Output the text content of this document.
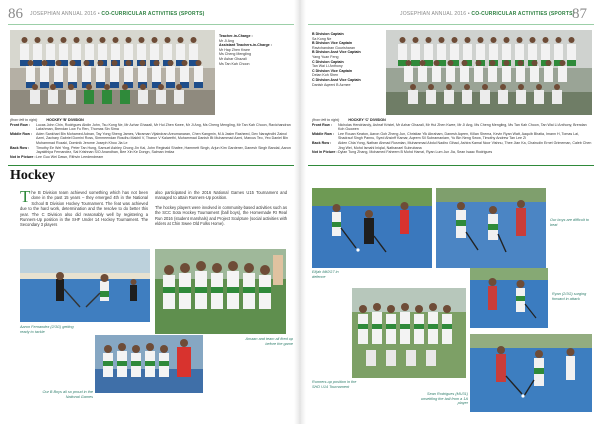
86 JOSEPHIAN ANNUAL 2016 • CO-CURRICULAR ACTIVITIES (SPORTS)
Teacher-in-Charge :
Mr Ji Ang
Assistant Teachers-in-Charge :
Mr Hap Zhen Kwee
Ms Cheng Mengling
Mr Ashar Ghazali
Ms Tan Kah Choon
(from left to right)	HOCKEY 'B' DIVISION
Front Row :	Lucas John Chin, Rodrigues Abdin John, Tsu Kong Ne, Mr Azhar Ghazali, Mr Hui Zhen Kwee, Mr Ji Ang, Ms Cheng Mengling, Mr Tan Kah Choon, Ravichandran Lakshman, Brendan Low Fu Ren, Thomas Sin Sima
Middle Row :	Aden Sankhari Bin Mohamed Adnan, Tay Yong Sheng James, Vikraman Vijaindran Areumanaran, Chen Kangmin, M A Jasim Rasheed, Dev Narayindhi Zainol Azmi, Zachary Gabriel Domini Ross, Simmeendan Rosdhu Makhil V, Tharun V Kalarethi, Muhammad Danish Bt Muhammad Azmi, Marcus Teo, Yeo Daniel Bin Muhammad Rozaki, Dominik Jerome Joseph Khoo Jia Le
Back Row :	Timothy Ee Wei Ying, Peter Tan Hung, Samuel Ashley Chong Jin Kai, John Reginald Shafee, Hammett Singh, Arjun Kim Gardener, Danesh Singh Bandal, Aaron Jayakthiya Fernandez, Sai Krishnan S/O Anandhan, Bee Xin Ke Dongn, Salman Imtiaz
Not in Picture : Lee Guo Wei Dawn, Rithvin Leedendream
Hockey
The B Division team achieved something which has not been done in the past 15 years – they emerged 4th in the National School B Division Hockey Tournament. The feat was achieved due to the hard work, determination and the resolve to do better this year. The C Division also did reasonably well by registering a Runners-Up position in the SHF Under 14 Hockey Tournament. The Secondary 3 players

also participated in the 2016 National Games U15 Tournament and managed to attain Runners-Up position.

The hockey players were involved in community-based activities such as the SCC Sota Hockey Tournament (ball boys), the Homemade RI Real Run 2016 (student marshals) and Project Sculpture (social activities with elders at Chin Swee Old Folks Home).

Aaron Fernandez (2/3G) getting ready to tackle
Amaan and team all fired up before the game
Our B Boys all so proud in the National Games
JOSEPHIAN ANNUAL 2016 • CO-CURRICULAR ACTIVITIES (SPORTS)
87
B Division Captain
Sa Kong Ne
B Division Vice Captain
Ravichandran Gourisharan
B Division Asst Vice Captain
Yang Yuan Feng
C Division Captain
Tan Wai Li Anthony
C Division Vice Captain
Delan Koh Shen
C Division Asst Vice Captain
Danish Aqeeni B Azmee
(from left to right)	HOCKEY 'C' DIVISION
Front Row :	Nicholas Hendriandy, Ashraf Kristel, Mr Azhar Ghazali, Mr Hui Zhen Kwee, Mr Ji Ang, Ms Cheng Mengling, Ms Tan Kah Choon, Tan Wai Li Anthony, Brendan Koh Guowen
Middle Row :	Lee Rouan Keaton, Aaron Goh Zheng Jun, Christian Yik Abraham, Danesh Aqeen, Killan Shema, Kevin Ryan Watt, Aaquib Bhatia, Imann H, Tomas Lai, Shadrauf Singh Pannu, Syed Ahsinff Kamar, Aqeem Sil Subramaniam, Yu Bin Neng Seow, Timothy Andrew Tan Lee Zi
Back Row :	Aiden Chia Yong, Nathan Ahmad Rusmian, Muhammad Abdul Nadiro Gihad, Ashira Kamal Noor Vishnu, Thee Jian Ka, Chairudin Ernet Grimeman, Caleb Chen Jing Wei, Mohd Ismahi Iniqlal, Nathanael Subrubana
Not in Picture : Dylan Tung Zhang, Mohamed Faheem B Mohd Hamzi, Ryan Lum Jun Jia, Sean Isaac Rodrigues
Elijah Mit2G7 in defence
Our boys are difficult to beat
Ryan (2/3G) surging forward in attack
Runners-up position in the SHD U14 Tournament
Sean Rodrigues (MU31) unsettling the ball from a 1A player
